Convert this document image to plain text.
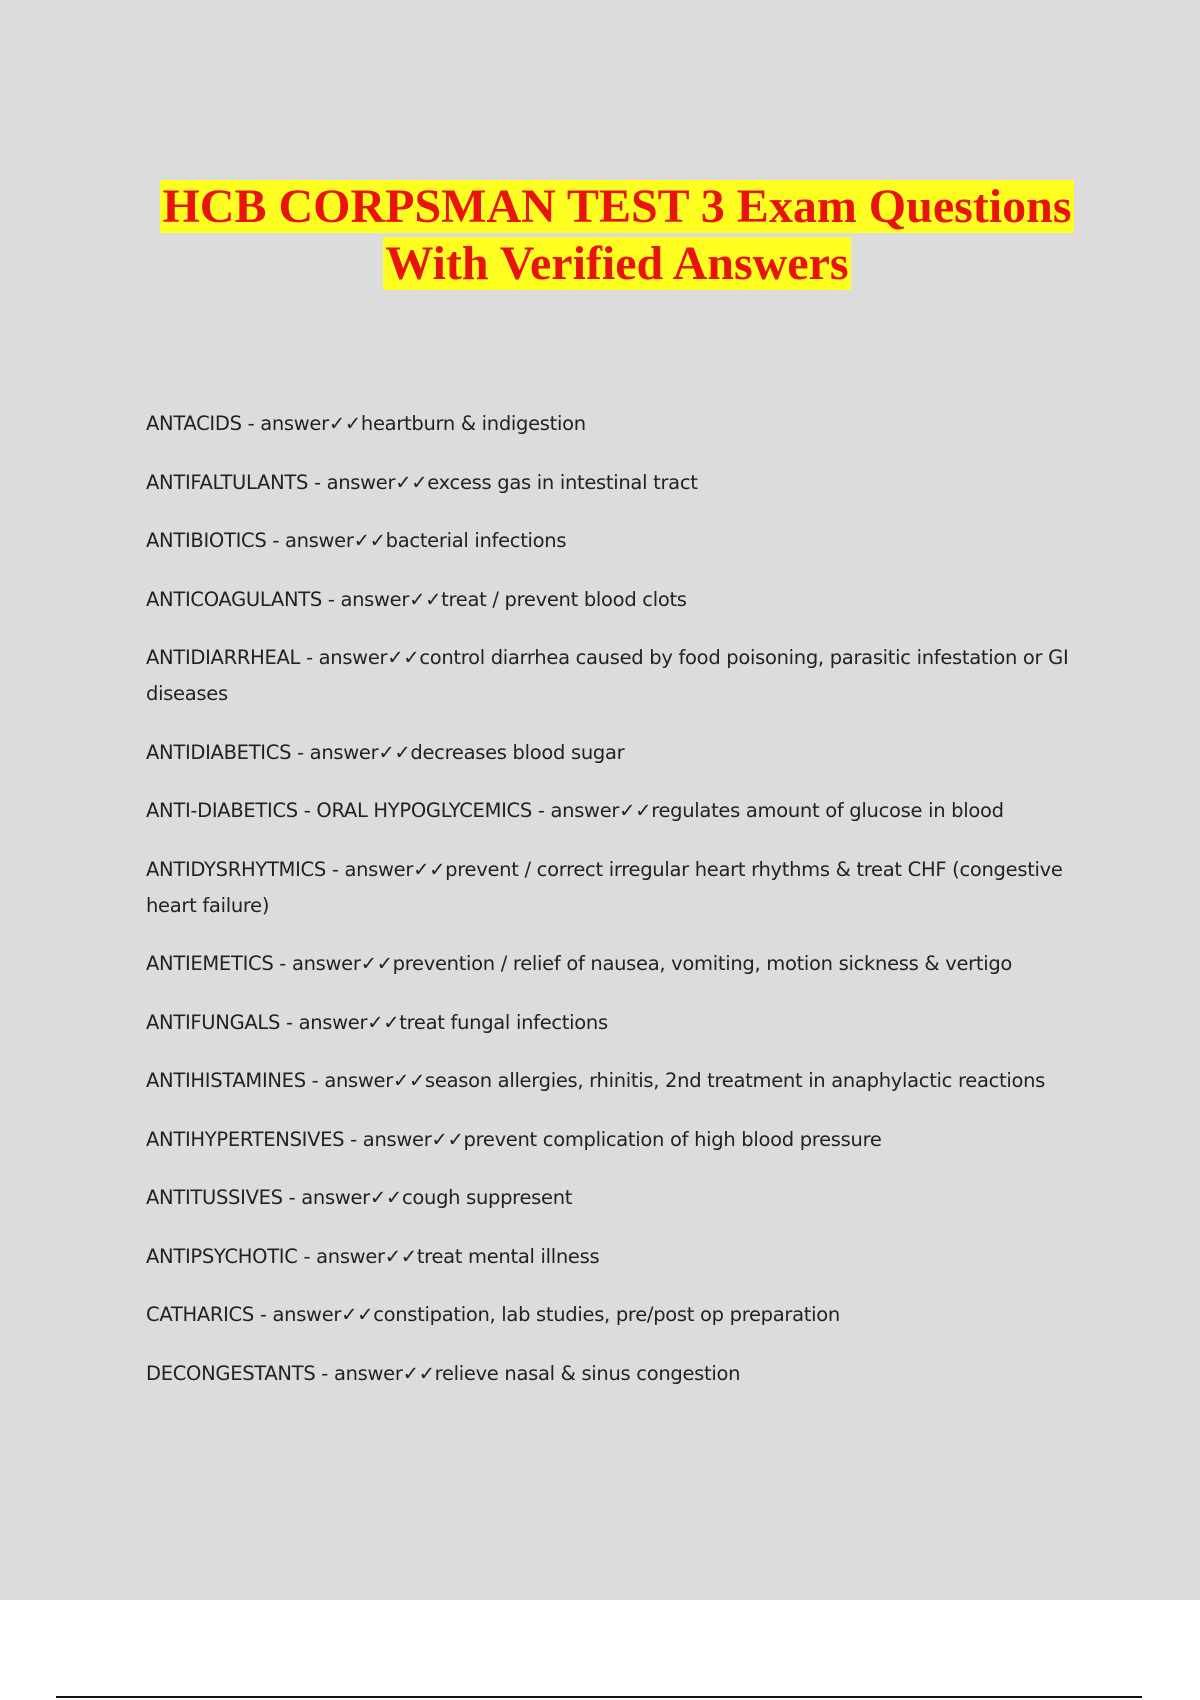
HCB CORPSMAN TEST 3 Exam Questions
With Verified Answers
ANTACIDS - answer✓✓heartburn & indigestion
ANTIFALTULANTS - answer✓✓excess gas in intestinal tract
ANTIBIOTICS - answer✓✓bacterial infections
ANTICOAGULANTS - answer✓✓treat / prevent blood clots
ANTIDIARRHEAL - answer✓✓control diarrhea caused by food poisoning, parasitic infestation or GI diseases
ANTIDIABETICS - answer✓✓decreases blood sugar
ANTI-DIABETICS - ORAL HYPOGLYCEMICS - answer✓✓regulates amount of glucose in blood
ANTIDYSRHYTMICS - answer✓✓prevent / correct irregular heart rhythms & treat CHF (congestive heart failure)
ANTIEMETICS - answer✓✓prevention / relief of nausea, vomiting, motion sickness & vertigo
ANTIFUNGALS - answer✓✓treat fungal infections
ANTIHISTAMINES - answer✓✓season allergies, rhinitis, 2nd treatment in anaphylactic reactions
ANTIHYPERTENSIVES - answer✓✓prevent complication of high blood pressure
ANTITUSSIVES - answer✓✓cough suppresent
ANTIPSYCHOTIC - answer✓✓treat mental illness
CATHARICS - answer✓✓constipation, lab studies, pre/post op preparation
DECONGESTANTS - answer✓✓relieve nasal & sinus congestion
